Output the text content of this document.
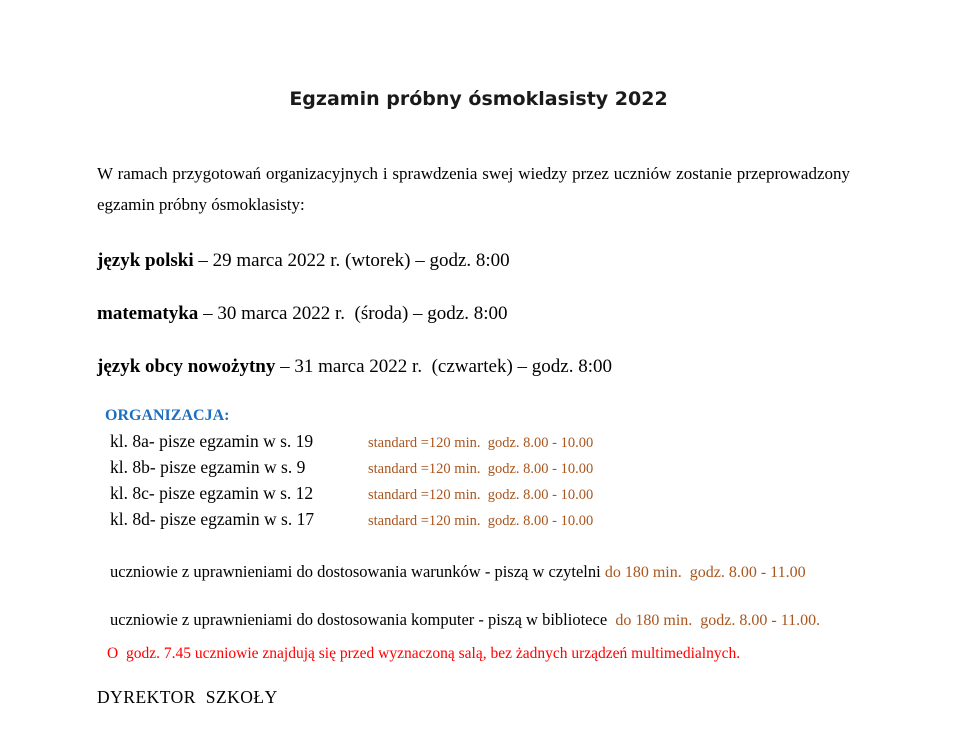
Egzamin próbny ósmoklasisty 2022

W ramach przygotowań organizacyjnych i sprawdzenia swej wiedzy przez uczniów zostanie przeprowadzony egzamin próbny ósmoklasisty:

język polski – 29 marca 2022 r. (wtorek) – godz. 8:00

matematyka – 30 marca 2022 r.  (środa) – godz. 8:00

język obcy nowożytny – 31 marca 2022 r.  (czwartek) – godz. 8:00

ORGANIZACJA:
kl. 8a- pisze egzamin w s. 19	standard =120 min.  godz. 8.00 - 10.00
kl. 8b- pisze egzamin w s. 9	standard =120 min.  godz. 8.00 - 10.00
kl. 8c- pisze egzamin w s. 12	standard =120 min.  godz. 8.00 - 10.00
kl. 8d- pisze egzamin w s. 17	standard =120 min.  godz. 8.00 - 10.00

uczniowie z uprawnieniami do dostosowania warunków - piszą w czytelni do 180 min.  godz. 8.00 - 11.00

uczniowie z uprawnieniami do dostosowania komputer - piszą w bibliotece  do 180 min.  godz. 8.00 - 11.00.

O  godz. 7.45 uczniowie znajdują się przed wyznaczoną salą, bez żadnych urządzeń multimedialnych.

DYREKTOR  SZKOŁY
